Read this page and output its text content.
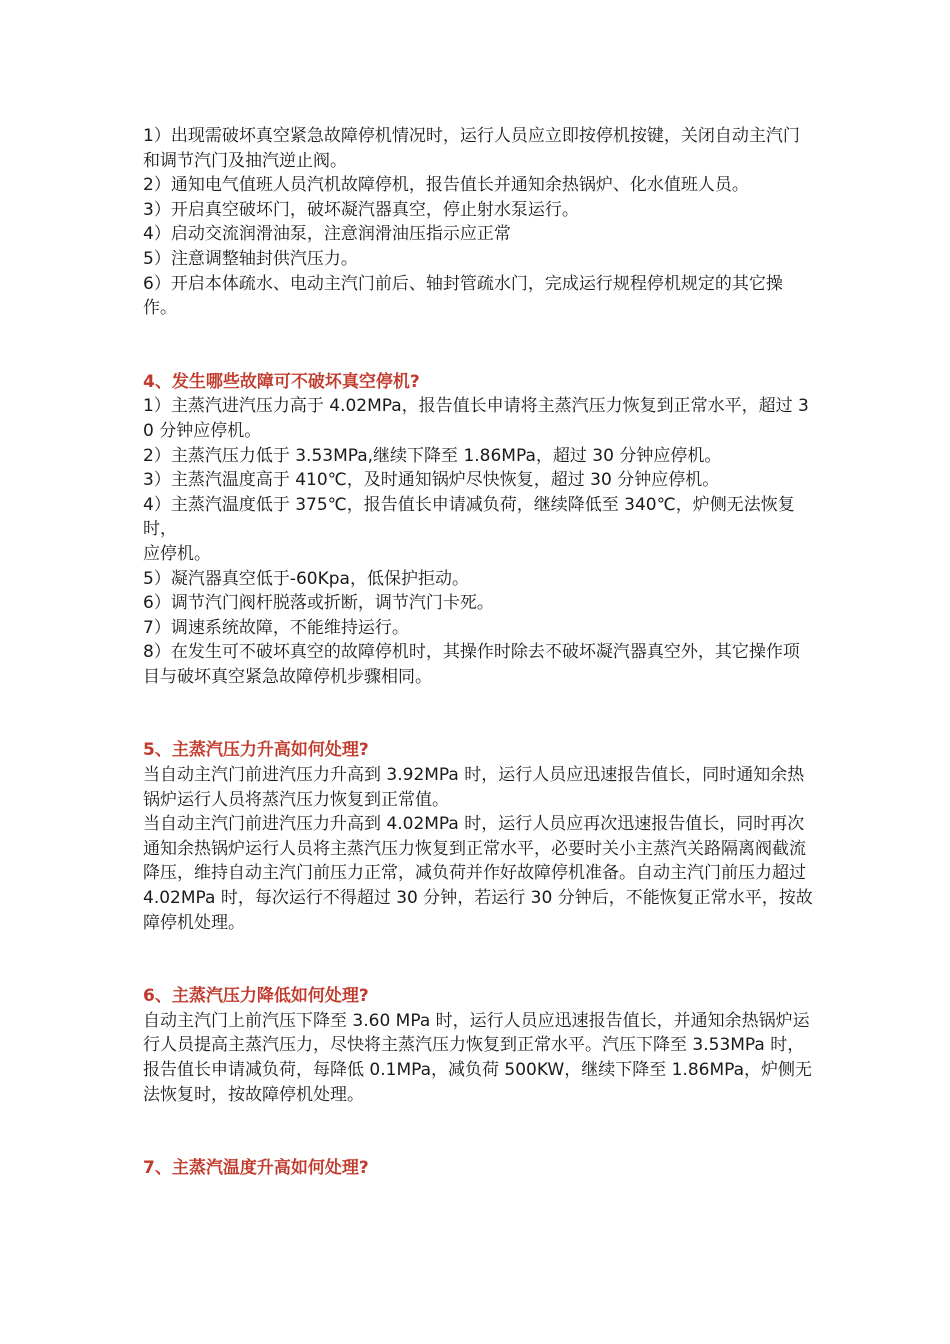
1）出现需破坏真空紧急故障停机情况时，运行人员应立即按停机按键，关闭自动主汽门和调节汽门及抽汽逆止阀。

2）通知电气值班人员汽机故障停机，报告值长并通知余热锅炉、化水值班人员。

3）开启真空破坏门，破坏凝汽器真空，停止射水泵运行。

4）启动交流润滑油泵，注意润滑油压指示应正常

5）注意调整轴封供汽压力。

6）开启本体疏水、电动主汽门前后、轴封管疏水门，完成运行规程停机规定的其它操作。

4、发生哪些故障可不破坏真空停机?

1）主蒸汽进汽压力高于 4.02MPa，报告值长申请将主蒸汽压力恢复到正常水平，超过 30 分钟应停机。

2）主蒸汽压力低于 3.53MPa,继续下降至 1.86MPa，超过 30 分钟应停机。

3）主蒸汽温度高于 410℃，及时通知锅炉尽快恢复，超过 30 分钟应停机。

4）主蒸汽温度低于 375℃，报告值长申请减负荷，继续降低至 340℃，炉侧无法恢复时，

应停机。

5）凝汽器真空低于-60Kpa，低保护拒动。

6）调节汽门阀杆脱落或折断，调节汽门卡死。

7）调速系统故障，不能维持运行。

8）在发生可不破坏真空的故障停机时，其操作时除去不破坏凝汽器真空外，其它操作项目与破坏真空紧急故障停机步骤相同。

5、主蒸汽压力升高如何处理?

当自动主汽门前进汽压力升高到 3.92MPa 时，运行人员应迅速报告值长，同时通知余热锅炉运行人员将蒸汽压力恢复到正常值。

当自动主汽门前进汽压力升高到 4.02MPa 时，运行人员应再次迅速报告值长，同时再次通知余热锅炉运行人员将主蒸汽压力恢复到正常水平，必要时关小主蒸汽关路隔离阀截流降压，维持自动主汽门前压力正常，减负荷并作好故障停机准备。自动主汽门前压力超过 4.02MPa 时，每次运行不得超过 30 分钟，若运行 30 分钟后，不能恢复正常水平，按故障停机处理。

6、主蒸汽压力降低如何处理?

自动主汽门上前汽压下降至 3.60 MPa 时，运行人员应迅速报告值长，并通知余热锅炉运行人员提高主蒸汽压力，尽快将主蒸汽压力恢复到正常水平。汽压下降至 3.53MPa 时，报告值长申请减负荷，每降低 0.1MPa，减负荷 500KW，继续下降至 1.86MPa，炉侧无法恢复时，按故障停机处理。

7、主蒸汽温度升高如何处理?
